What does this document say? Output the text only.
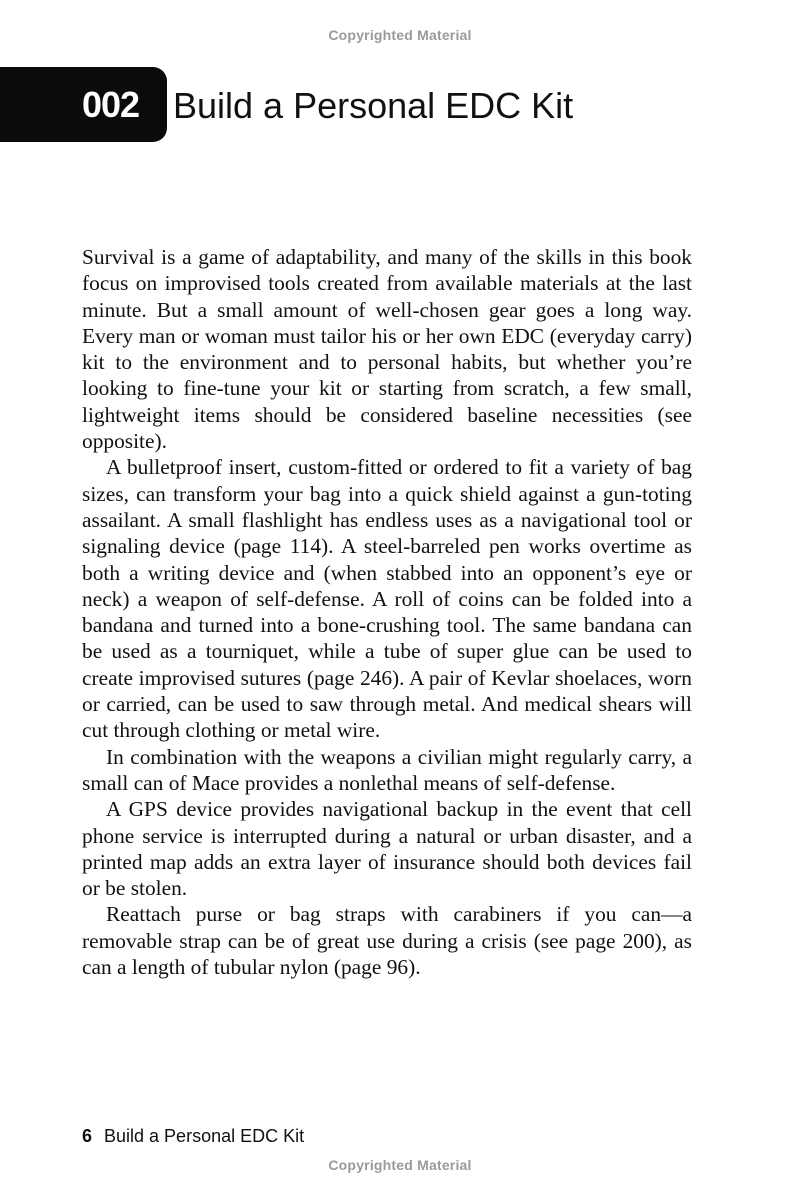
Copyrighted Material
002 Build a Personal EDC Kit

Survival is a game of adaptability, and many of the skills in this book focus on improvised tools created from available materials at the last minute. But a small amount of well-chosen gear goes a long way. Every man or woman must tailor his or her own EDC (everyday carry) kit to the environment and to personal habits, but whether you’re looking to fine-tune your kit or starting from scratch, a few small, lightweight items should be considered baseline necessities (see opposite).

A bulletproof insert, custom-fitted or ordered to fit a variety of bag sizes, can transform your bag into a quick shield against a gun-toting assailant. A small flashlight has endless uses as a navigational tool or signaling device (page 114). A steel-barreled pen works overtime as both a writing device and (when stabbed into an opponent’s eye or neck) a weapon of self-defense. A roll of coins can be folded into a bandana and turned into a bone-crushing tool. The same bandana can be used as a tourniquet, while a tube of super glue can be used to create improvised sutures (page 246). A pair of Kevlar shoelaces, worn or carried, can be used to saw through metal. And medical shears will cut through clothing or metal wire.

In combination with the weapons a civilian might regularly carry, a small can of Mace provides a nonlethal means of self-defense.

A GPS device provides navigational backup in the event that cell phone service is interrupted during a natural or urban disaster, and a printed map adds an extra layer of insurance should both devices fail or be stolen.

Reattach purse or bag straps with carabiners if you can—a removable strap can be of great use during a crisis (see page 200), as can a length of tubular nylon (page 96).

6 Build a Personal EDC Kit
Copyrighted Material
